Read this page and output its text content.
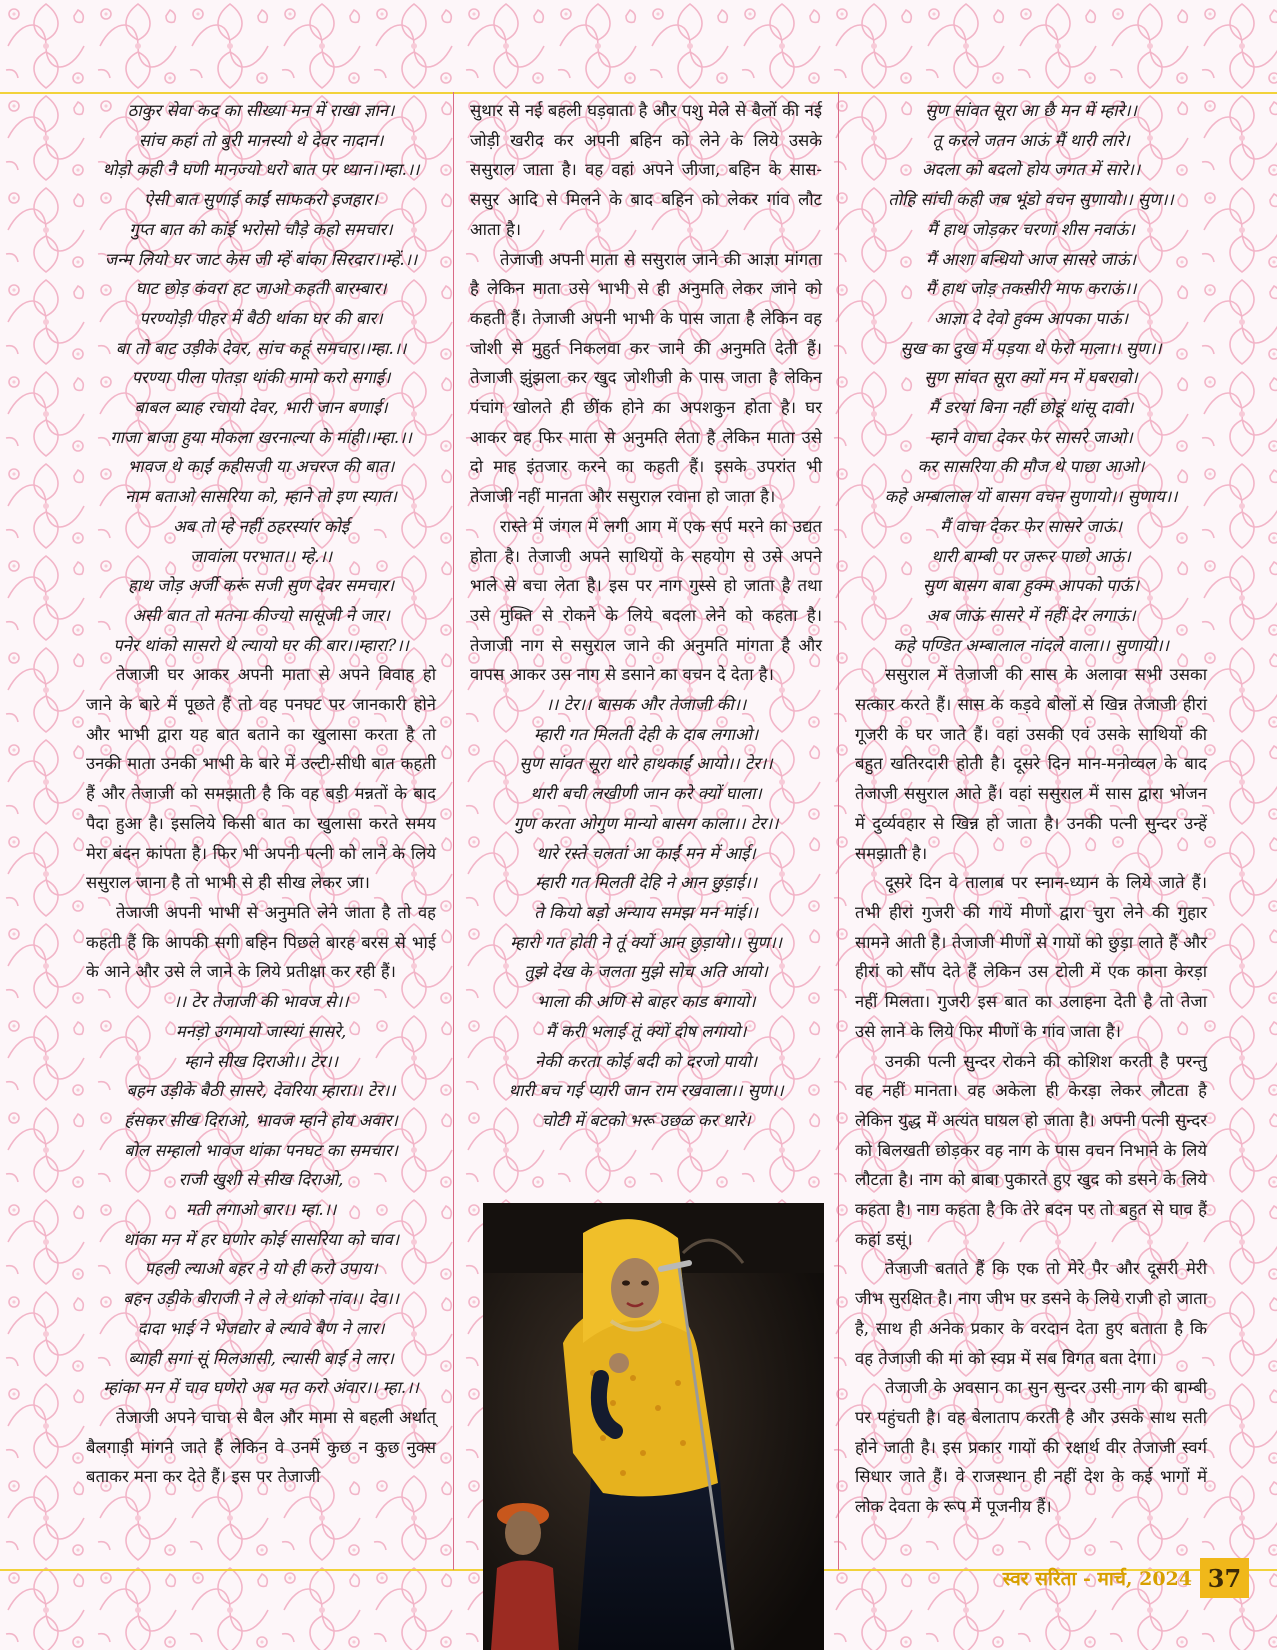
ठाकुर सेवा कद का सीख्या मन में राखा ज्ञान।
सांच कहां तो बुरी मानस्यो थे देवर नादान।
थोड़ो कही नै घणी मानज्यो धरो बात पर ध्यान।।म्हा.।।
ऐसी बात सुणाई काईं साफकरो इजहार।
गुप्त बात को कांई भरोसो चौड़े कहो समचार।
जन्म लियो घर जाट केस जी म्हें बांका सिरदार।।म्हें.।।
घाट छोड़ कंवरा हट जाओ कहती बारम्बार।
परण्योड़ी पीहर में बैठी थांका घर की बार।
बा तो बाट उड़ीके देवर, सांच कहूं समचार।।म्हा.।।
परण्या पीला पोतड़ा थांकी मामो करो सगाई।
बाबल ब्याह रचायो देवर, भारी जान बणाई।
गाजा बाजा हुया मोकला खरनाल्या के मांही।।म्हा.।।
भावज थे काईं कहीसजी या अचरज की बात।
नाम बताओ सासरिया को, म्हाने तो इण स्यात।
अब तो म्हे नहीं ठहरस्यांर कोई
जावांला परभात।। म्हे.।।
हाथ जोड़ अर्जी करूं सजी सुण देवर समचार।
असी बात तो मतना कीज्यो सासूजी ने जार।
पनेर थांको सासरो थे ल्यायो घर की बार।।म्हारा?।।
तेजाजी घर आकर अपनी माता से अपने विवाह हो जाने के बारे में पूछते हैं तो वह पनघट पर जानकारी होने और भाभी द्वारा यह बात बताने का खुलासा करता है तो उनकी माता उनकी भाभी के बारे में उल्टी-सीधी बात कहती हैं और तेजाजी को समझाती है कि वह बड़ी मन्नतों के बाद पैदा हुआ है। इसलिये किसी बात का खुलासा करते समय मेरा बंदन कांपता है। फिर भी अपनी पत्नी को लाने के लिये ससुराल जाना है तो भाभी से ही सीख लेकर जा।
तेजाजी अपनी भाभी से अनुमति लेने जाता है तो वह कहती हैं कि आपकी सगी बहिन पिछले बारह बरस से भाई के आने और उसे ले जाने के लिये प्रतीक्षा कर रही हैं।
।। टेर तेजाजी की भावज से।।
मनड़ो उगमायो जास्यां सासरे,
म्हाने सीख दिराओ।। टेर।।
बहन उड़ीके बैठी सासरे, देवरिया म्हारा।। टेर।।
हंसकर सीख दिराओ, भावज म्हाने होय अवार।
बोल सम्हालो भावज थांका पनघट का समचार।
राजी खुशी से सीख दिराओ,
मती लगाओ बार।। म्हा.।।
थांका मन में हर घणोर कोई सासरिया को चाव।
पहली ल्याओ बहर ने यो ही करो उपाय।
बहन उड़ीके बीराजी ने ले ले थांको नांव।। देव।।
दादा भाई ने भेजद्योर बे ल्यावे बैण ने लार।
ब्याही सगां सूं मिलआसी, ल्यासी बाई ने लार।
म्हांका मन में चाव घणेरो अब मत करो अंवार।। म्हा.।।
तेजाजी अपने चाचा से बैल और मामा से बहली अर्थात् बैलगाड़ी मांगने जाते हैं लेकिन वे उनमें कुछ न कुछ नुक्स बताकर मना कर देते हैं। इस पर तेजाजी
सुथार से नई बहली घड़वाता है और पशु मेले से बैलों की नई जोड़ी खरीद कर अपनी बहिन को लेने के लिये उसके ससुराल जाता है। वह वहां अपने जीजा, बहिन के सास-ससुर आदि से मिलने के बाद बहिन को लेकर गांव लौट आता है।
तेजाजी अपनी माता से ससुराल जाने की आज्ञा मांगता है लेकिन माता उसे भाभी से ही अनुमति लेकर जाने को कहती हैं। तेजाजी अपनी भाभी के पास जाता है लेकिन वह जोशी से मुहुर्त निकलवा कर जाने की अनुमति देती हैं। तेजाजी झुंझला कर खुद जोशीजी के पास जाता है लेकिन पंचांग खोलते ही छींक होने का अपशकुन होता है। घर आकर वह फिर माता से अनुमति लेता है लेकिन माता उसे दो माह इंतजार करने का कहती हैं। इसके उपरांत भी तेजाजी नहीं मानता और ससुराल रवाना हो जाता है।
रास्ते में जंगल में लगी आग में एक सर्प मरने का उद्यत होता है। तेजाजी अपने साथियों के सहयोग से उसे अपने भाले से बचा लेता है। इस पर नाग गुस्से हो जाता है तथा उसे मुक्ति से रोकने के लिये बदला लेने को कहता है। तेजाजी नाग से ससुराल जाने की अनुमति मांगता है और वापस आकर उस नाग से डसाने का वचन दे देता है।
।। टेर।। बासक और तेजाजी की।।
म्हारी गत मिलती देही के दाब लगाओ।
सुण सांवत सूरा थारे हाथकाईं आयो।। टेर।।
थारी बची लखीणी जान करे क्यों घाला।
गुण करता ओगुण मान्यो बासग काला।। टेर।।
थारे रस्ते चलतां आ काईं मन में आई।
म्हारी गत मिलती देहि ने आन छुड़ाई।।
ते कियो बड़ो अन्याय समझ मन मांई।।
म्हारो गत होती ने तूं क्यों आन छुड़ायो।। सुण।।
तुझे देख के जलता मुझे सोच अति आयो।
भाला की अणि से बाहर काड बगायो।
मैं करी भलाई तूं क्यों दोष लगायो।
नेकी करता कोई बदी को दरजो पायो।
थारी बच गई प्यारी जान राम रखवाला।। सुण।।
चोटी में बटको भरू उछळ कर थारे।
सुण सांवत सूरा आ छै मन में म्हारे।।
तू करले जतन आऊं मैं थारी लारे।
अदला को बदलो होय जगत में सारे।।
तोहि सांची कही जब भूंडो वचन सुणायो।। सुण।।
मैं हाथ जोड़कर चरणां शीस नवाऊं।
मैं आशा बन्धियो आज सासरे जाऊं।
मैं हाथ जोड़ तकसीरी माफ कराऊं।।
आज्ञा दे देवो हुक्म आपका पाऊं।
सुख का दुख में पड़या थे फेरो माला।। सुण।।
सुण सांवत सूरा क्यों मन में घबरावो।
मैं डरयां बिना नहीं छोडूं थांसू दावो।
म्हाने वाचा देकर फेर सासरे जाओ।
कर सासरिया की मौज थे पाछा आओ।
कहे अम्बालाल यों बासग वचन सुणायो।। सुणाय।।
मैं वाचा देकर फेर सासरे जाऊं।
थारी बाम्बी पर जरूर पाछो आऊं।
सुण बासग बाबा हुक्म आपको पाऊं।
अब जाऊं सासरे में नहीं देर लगाऊं।
कहे पण्डित अम्बालाल नांदले वाला।। सुणायो।।
ससुराल में तेजाजी की सास के अलावा सभी उसका सत्कार करते हैं। सास के कड़वे बोलों से खिन्न तेजाजी हीरां गूजरी के घर जाते हैं। वहां उसकी एवं उसके साथियों की बहुत खतिरदारी होती है। दूसरे दिन मान-मनोव्वल के बाद तेजाजी ससुराल आते हैं। वहां ससुराल में सास द्वारा भोजन में दुर्व्यवहार से खिन्न हो जाता है। उनकी पत्नी सुन्दर उन्हें समझाती है।
दूसरे दिन वे तालाब पर स्नान-ध्यान के लिये जाते हैं। तभी हीरां गुजरी की गायें मीणों द्वारा चुरा लेने की गुहार सामने आती है। तेजाजी मीणों से गायों को छुड़ा लाते हैं और हीरां को सौंप देते हैं लेकिन उस टोली में एक काना केरड़ा नहीं मिलता। गुजरी इस बात का उलाहना देती है तो तेजा उसे लाने के लिये फिर मीणों के गांव जाता है।
उनकी पत्नी सुन्दर रोकने की कोशिश करती है परन्तु वह नहीं मानता। वह अकेला ही केरड़ा लेकर लौटता है लेकिन युद्ध में अत्यंत घायल हो जाता है। अपनी पत्नी सुन्दर को बिलखती छोड़कर वह नाग के पास वचन निभाने के लिये लौटता है। नाग को बाबा पुकारते हुए खुद को डसने के लिये कहता है। नाग कहता है कि तेरे बदन पर तो बहुत से घाव हैं कहां डसूं।
तेजाजी बताते हैं कि एक तो मेरे पैर और दूसरी मेरी जीभ सुरक्षित है। नाग जीभ पर डसने के लिये राजी हो जाता है, साथ ही अनेक प्रकार के वरदान देता हुए बताता है कि वह तेजाजी की मां को स्वप्न में सब विगत बता देगा।
तेजाजी के अवसान का सुन सुन्दर उसी नाग की बाम्बी पर पहुंचती है। वह बेलाताप करती है और उसके साथ सती होने जाती है। इस प्रकार गायों की रक्षार्थ वीर तेजाजी स्वर्ग सिधार जाते हैं। वे राजस्थान ही नहीं देश के कई भागों में लोक देवता के रूप में पूजनीय हैं।
स्वर सरिता - मार्च, 2024 37
